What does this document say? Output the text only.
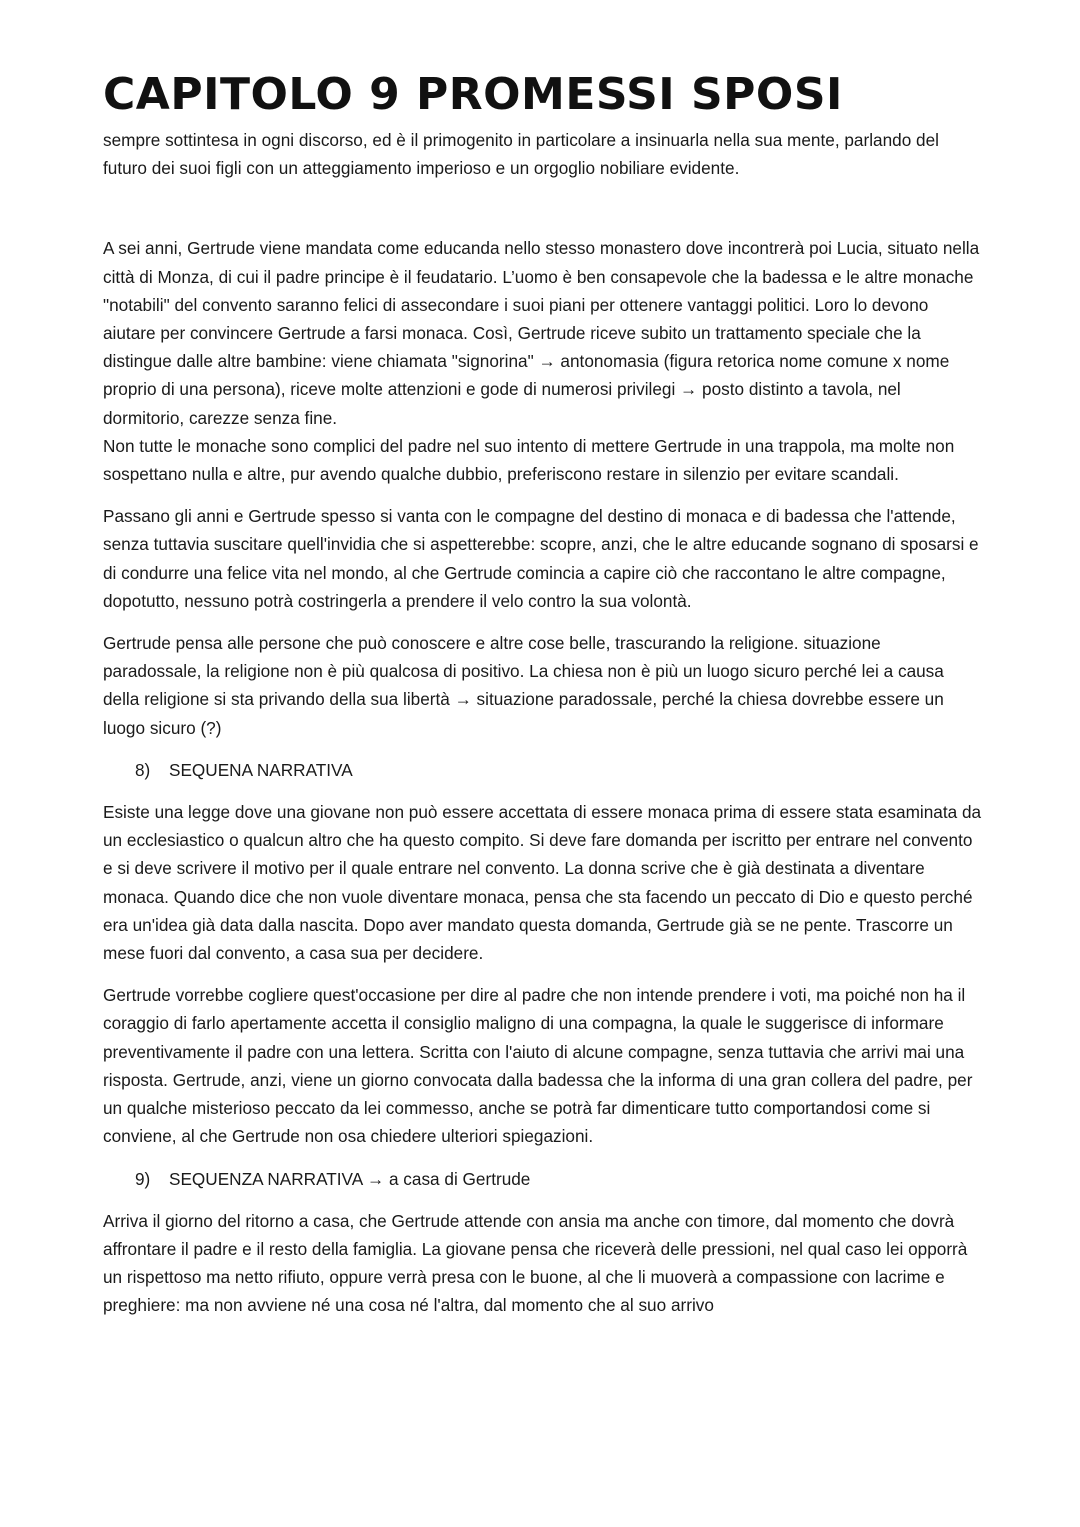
CAPITOLO 9 PROMESSI SPOSI

sempre sottintesa in ogni discorso, ed è il primogenito in particolare a insinuarla nella sua mente, parlando del futuro dei suoi figli con un atteggiamento imperioso e un orgoglio nobiliare evidente.

A sei anni, Gertrude viene mandata come educanda nello stesso monastero dove incontrerà poi Lucia, situato nella città di Monza, di cui il padre principe è il feudatario. L’uomo è ben consapevole che la badessa e le altre monache "notabili" del convento saranno felici di assecondare i suoi piani per ottenere vantaggi politici. Loro lo devono aiutare per convincere Gertrude a farsi monaca. Così, Gertrude riceve subito un trattamento speciale che la distingue dalle altre bambine: viene chiamata "signorina" → antonomasia (figura retorica nome comune x nome proprio di una persona), riceve molte attenzioni e gode di numerosi privilegi → posto distinto a tavola, nel dormitorio, carezze senza fine.

Non tutte le monache sono complici del padre nel suo intento di mettere Gertrude in una trappola, ma molte non sospettano nulla e altre, pur avendo qualche dubbio, preferiscono restare in silenzio per evitare scandali.

Passano gli anni e Gertrude spesso si vanta con le compagne del destino di monaca e di badessa che l'attende, senza tuttavia suscitare quell'invidia che si aspetterebbe: scopre, anzi, che le altre educande sognano di sposarsi e di condurre una felice vita nel mondo, al che Gertrude comincia a capire ciò che raccontano le altre compagne, dopotutto, nessuno potrà costringerla a prendere il velo contro la sua volontà.

Gertrude pensa alle persone che può conoscere e altre cose belle, trascurando la religione. situazione paradossale, la religione non è più qualcosa di positivo. La chiesa non è più un luogo sicuro perché lei a causa della religione si sta privando della sua libertà → situazione paradossale, perché la chiesa dovrebbe essere un luogo sicuro (?)

8) SEQUENA NARRATIVA

Esiste una legge dove una giovane non può essere accettata di essere monaca prima di essere stata esaminata da un ecclesiastico o qualcun altro che ha questo compito. Si deve fare domanda per iscritto per entrare nel convento e si deve scrivere il motivo per il quale entrare nel convento. La donna scrive che è già destinata a diventare monaca. Quando dice che non vuole diventare monaca, pensa che sta facendo un peccato di Dio e questo perché era un'idea già data dalla nascita. Dopo aver mandato questa domanda, Gertrude già se ne pente. Trascorre un mese fuori dal convento, a casa sua per decidere.

Gertrude vorrebbe cogliere quest'occasione per dire al padre che non intende prendere i voti, ma poiché non ha il coraggio di farlo apertamente accetta il consiglio maligno di una compagna, la quale le suggerisce di informare preventivamente il padre con una lettera. Scritta con l'aiuto di alcune compagne, senza tuttavia che arrivi mai una risposta. Gertrude, anzi, viene un giorno convocata dalla badessa che la informa di una gran collera del padre, per un qualche misterioso peccato da lei commesso, anche se potrà far dimenticare tutto comportandosi come si conviene, al che Gertrude non osa chiedere ulteriori spiegazioni.

9) SEQUENZA NARRATIVA → a casa di Gertrude

Arriva il giorno del ritorno a casa, che Gertrude attende con ansia ma anche con timore, dal momento che dovrà affrontare il padre e il resto della famiglia. La giovane pensa che riceverà delle pressioni, nel qual caso lei opporrà un rispettoso ma netto rifiuto, oppure verrà presa con le buone, al che li muoverà a compassione con lacrime e preghiere: ma non avviene né una cosa né l'altra, dal momento che al suo arrivo
